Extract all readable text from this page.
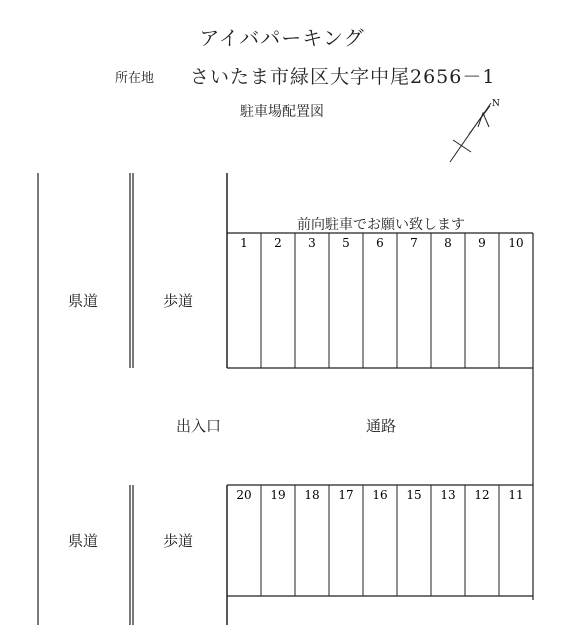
アイバパーキング
所在地 さいたま市緑区大字中尾2656－1
駐車場配置図
県道
県道
歩道
歩道
出入口	通路
前向駐車でお願い致します
1 2 3 5 6 7 8 9 10
20 19 18 17 16 15 13 12 11
N
